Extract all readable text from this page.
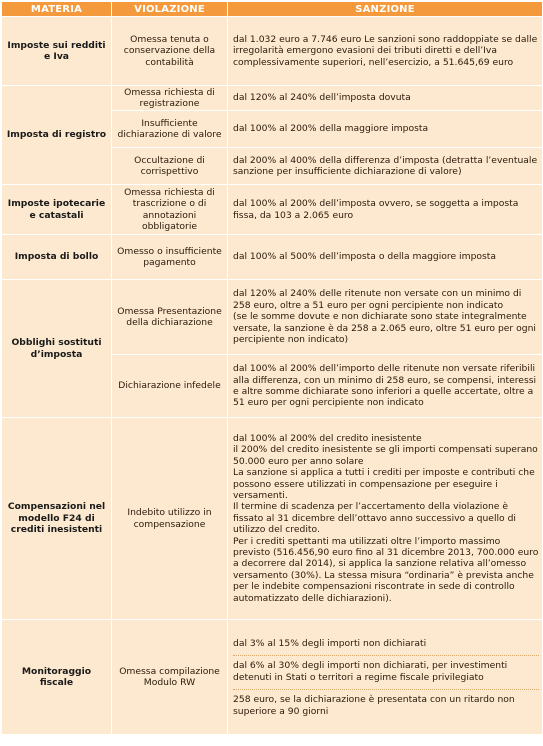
MATERIA	VIOLAZIONE	SANZIONE
Imposte sui redditi e Iva	Omessa tenuta o conservazione della contabilità	dal 1.032 euro a 7.746 euro Le sanzioni sono raddoppiate se dalle irregolarità emergono evasioni dei tributi diretti e dell’Iva complessivamente superiori, nell’esercizio, a 51.645,69 euro
Imposta di registro	Omessa richiesta di registrazione	dal 120% al 240% dell’imposta dovuta
	Insufficiente dichiarazione di valore	dal 100% al 200% della maggiore imposta
	Occultazione di corrispettivo	dal 200% al 400% della differenza d’imposta (detratta l’eventuale sanzione per insufficiente dichiarazione di valore)
Imposte ipotecarie e catastali	Omessa richiesta di trascrizione o di annotazioni obbligatorie	dal 100% al 200% dell’imposta ovvero, se soggetta a imposta fissa, da 103 a 2.065 euro
Imposta di bollo	Omesso o insufficiente pagamento	dal 100% al 500% dell’imposta o della maggiore imposta
Obblighi sostituti d’imposta	Omessa Presentazione della dichiarazione	dal 120% al 240% delle ritenute non versate con un minimo di 258 euro, oltre a 51 euro per ogni percipiente non indicato
(se le somme dovute e non dichiarate sono state integralmente versate, la sanzione è da 258 a 2.065 euro, oltre 51 euro per ogni percipiente non indicato)

	Dichiarazione infedele	dal 100% al 200% dell’importo delle ritenute non versate riferibili alla differenza, con un minimo di 258 euro, se compensi, interessi e altre somme dichiarate sono inferiori a quelle accertate, oltre a 51 euro per ogni percipiente non indicato
Compensazioni nel modello F24 di crediti inesistenti	Indebito utilizzo in compensazione	dal 100% al 200% del credito inesistente
il 200% del credito inesistente se gli importi compensati superano 50.000 euro per anno solare
La sanzione si applica a tutti i crediti per imposte e contributi che possono essere utilizzati in compensazione per eseguire i versamenti.
Il termine di scadenza per l’accertamento della violazione è fissato al 31 dicembre dell’ottavo anno successivo a quello di utilizzo del credito.
Per i crediti spettanti ma utilizzati oltre l’importo massimo previsto (516.456,90 euro fino al 31 dicembre 2013, 700.000 euro a decorrere dal 2014), si applica la sanzione relativa all’omesso versamento (30%). La stessa misura “ordinaria” è prevista anche per le indebite compensazioni riscontrate in sede di controllo automatizzato delle dichiarazioni).

Monitoraggio fiscale	Omessa compilazione Modulo RW	dal 3% al 15% degli importi non dichiarati
dal 6% al 30% degli importi non dichiarati, per investimenti detenuti in Stati o territori a regime fiscale privilegiato
258 euro, se la dichiarazione è presentata con un ritardo non superiore a 90 giorni
